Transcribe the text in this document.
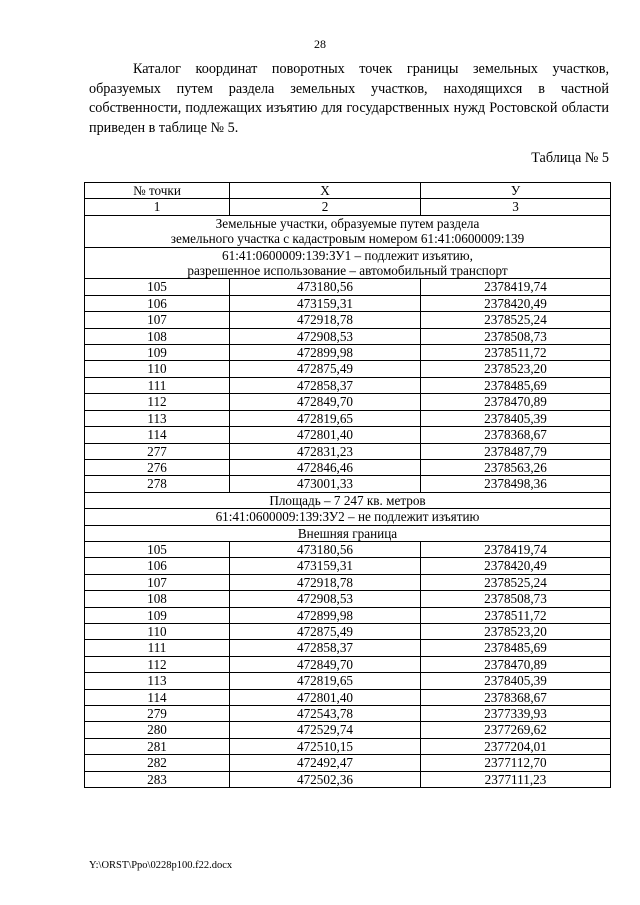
28

Каталог координат поворотных точек границы земельных участков, образуемых путем раздела земельных участков, находящихся в частной собственности, подлежащих изъятию для государственных нужд Ростовской области приведен в таблице № 5.

Таблица № 5
№ точки	X	У
1	2	3

Земельные участки, образуемые путем раздела
земельного участка с кадастровым номером 61:41:0600009:139		

61:41:0600009:139:ЗУ1 – подлежит изъятию,
разрешенное использование – автомобильный транспорт		

105	473180,56	2378419,74
106	473159,31	2378420,49
107	472918,78	2378525,24
108	472908,53	2378508,73
109	472899,98	2378511,72
110	472875,49	2378523,20
111	472858,37	2378485,69
112	472849,70	2378470,89
113	472819,65	2378405,39
114	472801,40	2378368,67
277	472831,23	2378487,79
276	472846,46	2378563,26
278	473001,33	2378498,36

Площадь – 7 247 кв. метров		

61:41:0600009:139:ЗУ2 – не подлежит изъятию		

Внешняя граница		

105	473180,56	2378419,74
106	473159,31	2378420,49
107	472918,78	2378525,24
108	472908,53	2378508,73
109	472899,98	2378511,72
110	472875,49	2378523,20
111	472858,37	2378485,69
112	472849,70	2378470,89
113	472819,65	2378405,39
114	472801,40	2378368,67
279	472543,78	2377339,93
280	472529,74	2377269,62
281	472510,15	2377204,01
282	472492,47	2377112,70
283	472502,36	2377111,23
Y:\ORST\Ppo\0228p100.f22.docx
